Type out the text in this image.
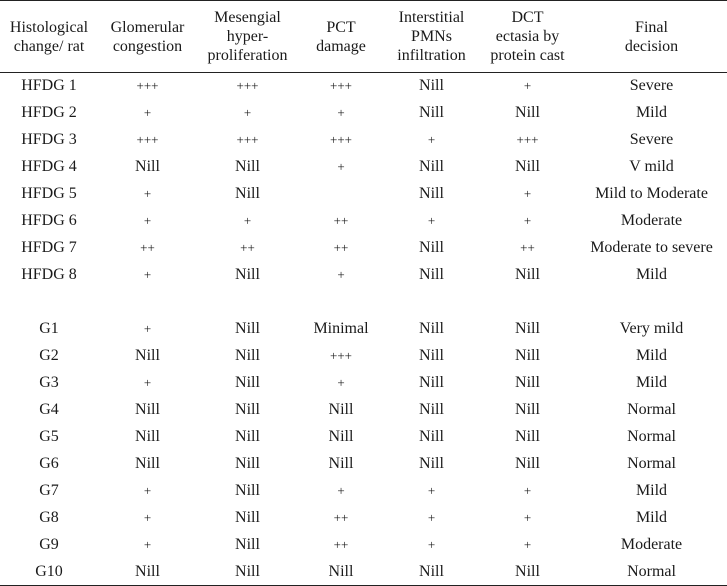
Histological
change/ rat	Glomerular
congestion	Mesengial
hyper-
proliferation	PCT
damage	Interstitial
PMNs
infiltration	DCT
ectasia by
protein cast	Final
decision
HFDG 1	+++	+++	+++	Nill	+	Severe
HFDG 2	+	+	+	Nill	Nill	Mild
HFDG 3	+++	+++	+++	+	+++	Severe
HFDG 4	Nill	Nill	+	Nill	Nill	V mild
HFDG 5	+	Nill		Nill	+	Mild to Moderate
HFDG 6	+	+	++	+	+	Moderate
HFDG 7	++	++	++	Nill	++	Moderate to severe
HFDG 8	+	Nill	+	Nill	Nill	Mild

G1	+	Nill	Minimal	Nill	Nill	Very mild
G2	Nill	Nill	+++	Nill	Nill	Mild
G3	+	Nill	+	Nill	Nill	Mild
G4	Nill	Nill	Nill	Nill	Nill	Normal
G5	Nill	Nill	Nill	Nill	Nill	Normal
G6	Nill	Nill	Nill	Nill	Nill	Normal
G7	+	Nill	+	+	+	Mild
G8	+	Nill	++	+	+	Mild
G9	+	Nill	++	+	+	Moderate
G10	Nill	Nill	Nill	Nill	Nill	Normal
